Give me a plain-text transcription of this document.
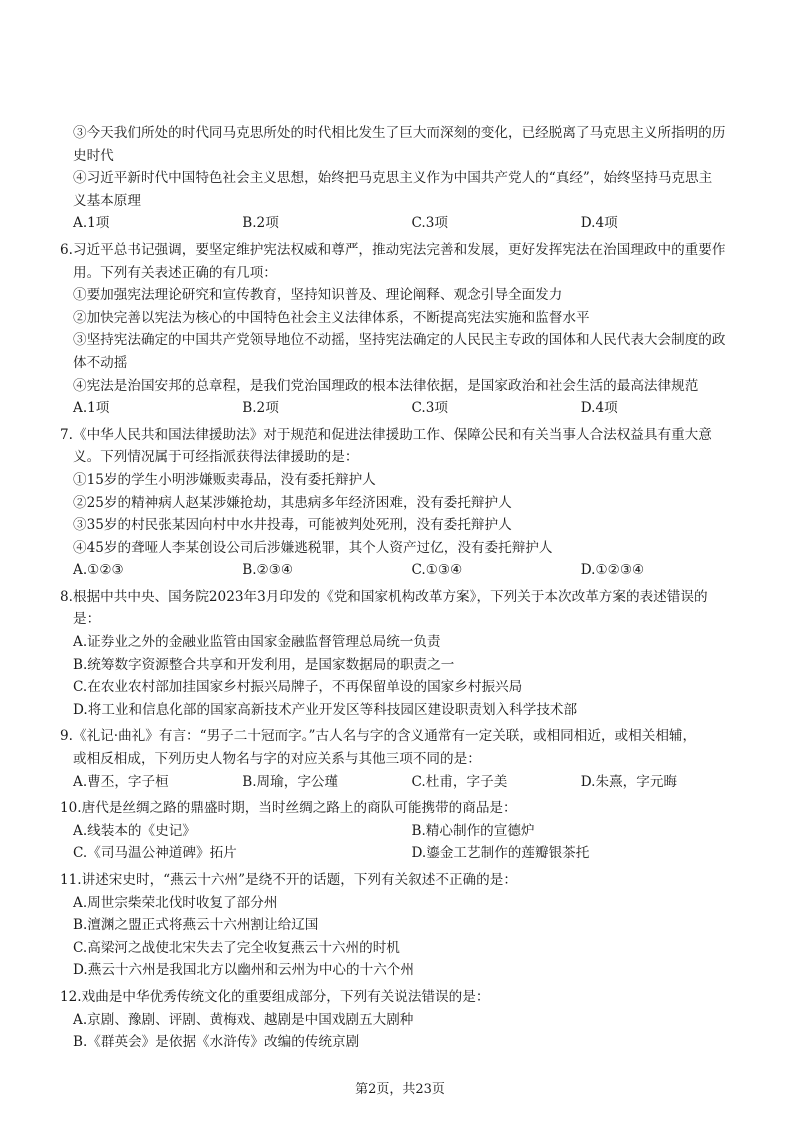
③今天我们所处的时代同马克思所处的时代相比发生了巨大而深刻的变化，已经脱离了马克思主义所指明的历
史时代
④习近平新时代中国特色社会主义思想，始终把马克思主义作为中国共产党人的“真经”，始终坚持马克思主
义基本原理
A.1项	B.2项	C.3项	D.4项
6.习近平总书记强调，要坚定维护宪法权威和尊严，推动宪法完善和发展，更好发挥宪法在治国理政中的重要作
用。下列有关表述正确的有几项：
①要加强宪法理论研究和宣传教育，坚持知识普及、理论阐释、观念引导全面发力
②加快完善以宪法为核心的中国特色社会主义法律体系，不断提高宪法实施和监督水平
③坚持宪法确定的中国共产党领导地位不动摇，坚持宪法确定的人民民主专政的国体和人民代表大会制度的政
体不动摇
④宪法是治国安邦的总章程，是我们党治国理政的根本法律依据，是国家政治和社会生活的最高法律规范
A.1项	B.2项	C.3项	D.4项
7.《中华人民共和国法律援助法》对于规范和促进法律援助工作、保障公民和有关当事人合法权益具有重大意
义。下列情况属于可经指派获得法律援助的是：
①15岁的学生小明涉嫌贩卖毒品，没有委托辩护人
②25岁的精神病人赵某涉嫌抢劫，其患病多年经济困难，没有委托辩护人
③35岁的村民张某因向村中水井投毒，可能被判处死刑，没有委托辩护人
④45岁的聋哑人李某创设公司后涉嫌逃税罪，其个人资产过亿，没有委托辩护人
A.①②③	B.②③④	C.①③④	D.①②③④
8.根据中共中央、国务院2023年3月印发的《党和国家机构改革方案》，下列关于本次改革方案的表述错误的
是：
A.证券业之外的金融业监管由国家金融监督管理总局统一负责
B.统筹数字资源整合共享和开发利用，是国家数据局的职责之一
C.在农业农村部加挂国家乡村振兴局牌子，不再保留单设的国家乡村振兴局
D.将工业和信息化部的国家高新技术产业开发区等科技园区建设职责划入科学技术部
9.《礼记·曲礼》有言：“男子二十冠而字。”古人名与字的含义通常有一定关联，或相同相近，或相关相辅，
或相反相成，下列历史人物名与字的对应关系与其他三项不同的是：
A.曹丕，字子桓	B.周瑜，字公瑾	C.杜甫，字子美	D.朱熹，字元晦
10.唐代是丝绸之路的鼎盛时期，当时丝绸之路上的商队可能携带的商品是：
A.线装本的《史记》	B.精心制作的宣德炉
C.《司马温公神道碑》拓片	D.鎏金工艺制作的莲瓣银茶托
11.讲述宋史时，“燕云十六州”是绕不开的话题，下列有关叙述不正确的是：
A.周世宗柴荣北伐时收复了部分州
B.澶渊之盟正式将燕云十六州割让给辽国
C.高梁河之战使北宋失去了完全收复燕云十六州的时机
D.燕云十六州是我国北方以幽州和云州为中心的十六个州
12.戏曲是中华优秀传统文化的重要组成部分，下列有关说法错误的是：
A.京剧、豫剧、评剧、黄梅戏、越剧是中国戏剧五大剧种
B.《群英会》是依据《水浒传》改编的传统京剧
第2页，共23页
